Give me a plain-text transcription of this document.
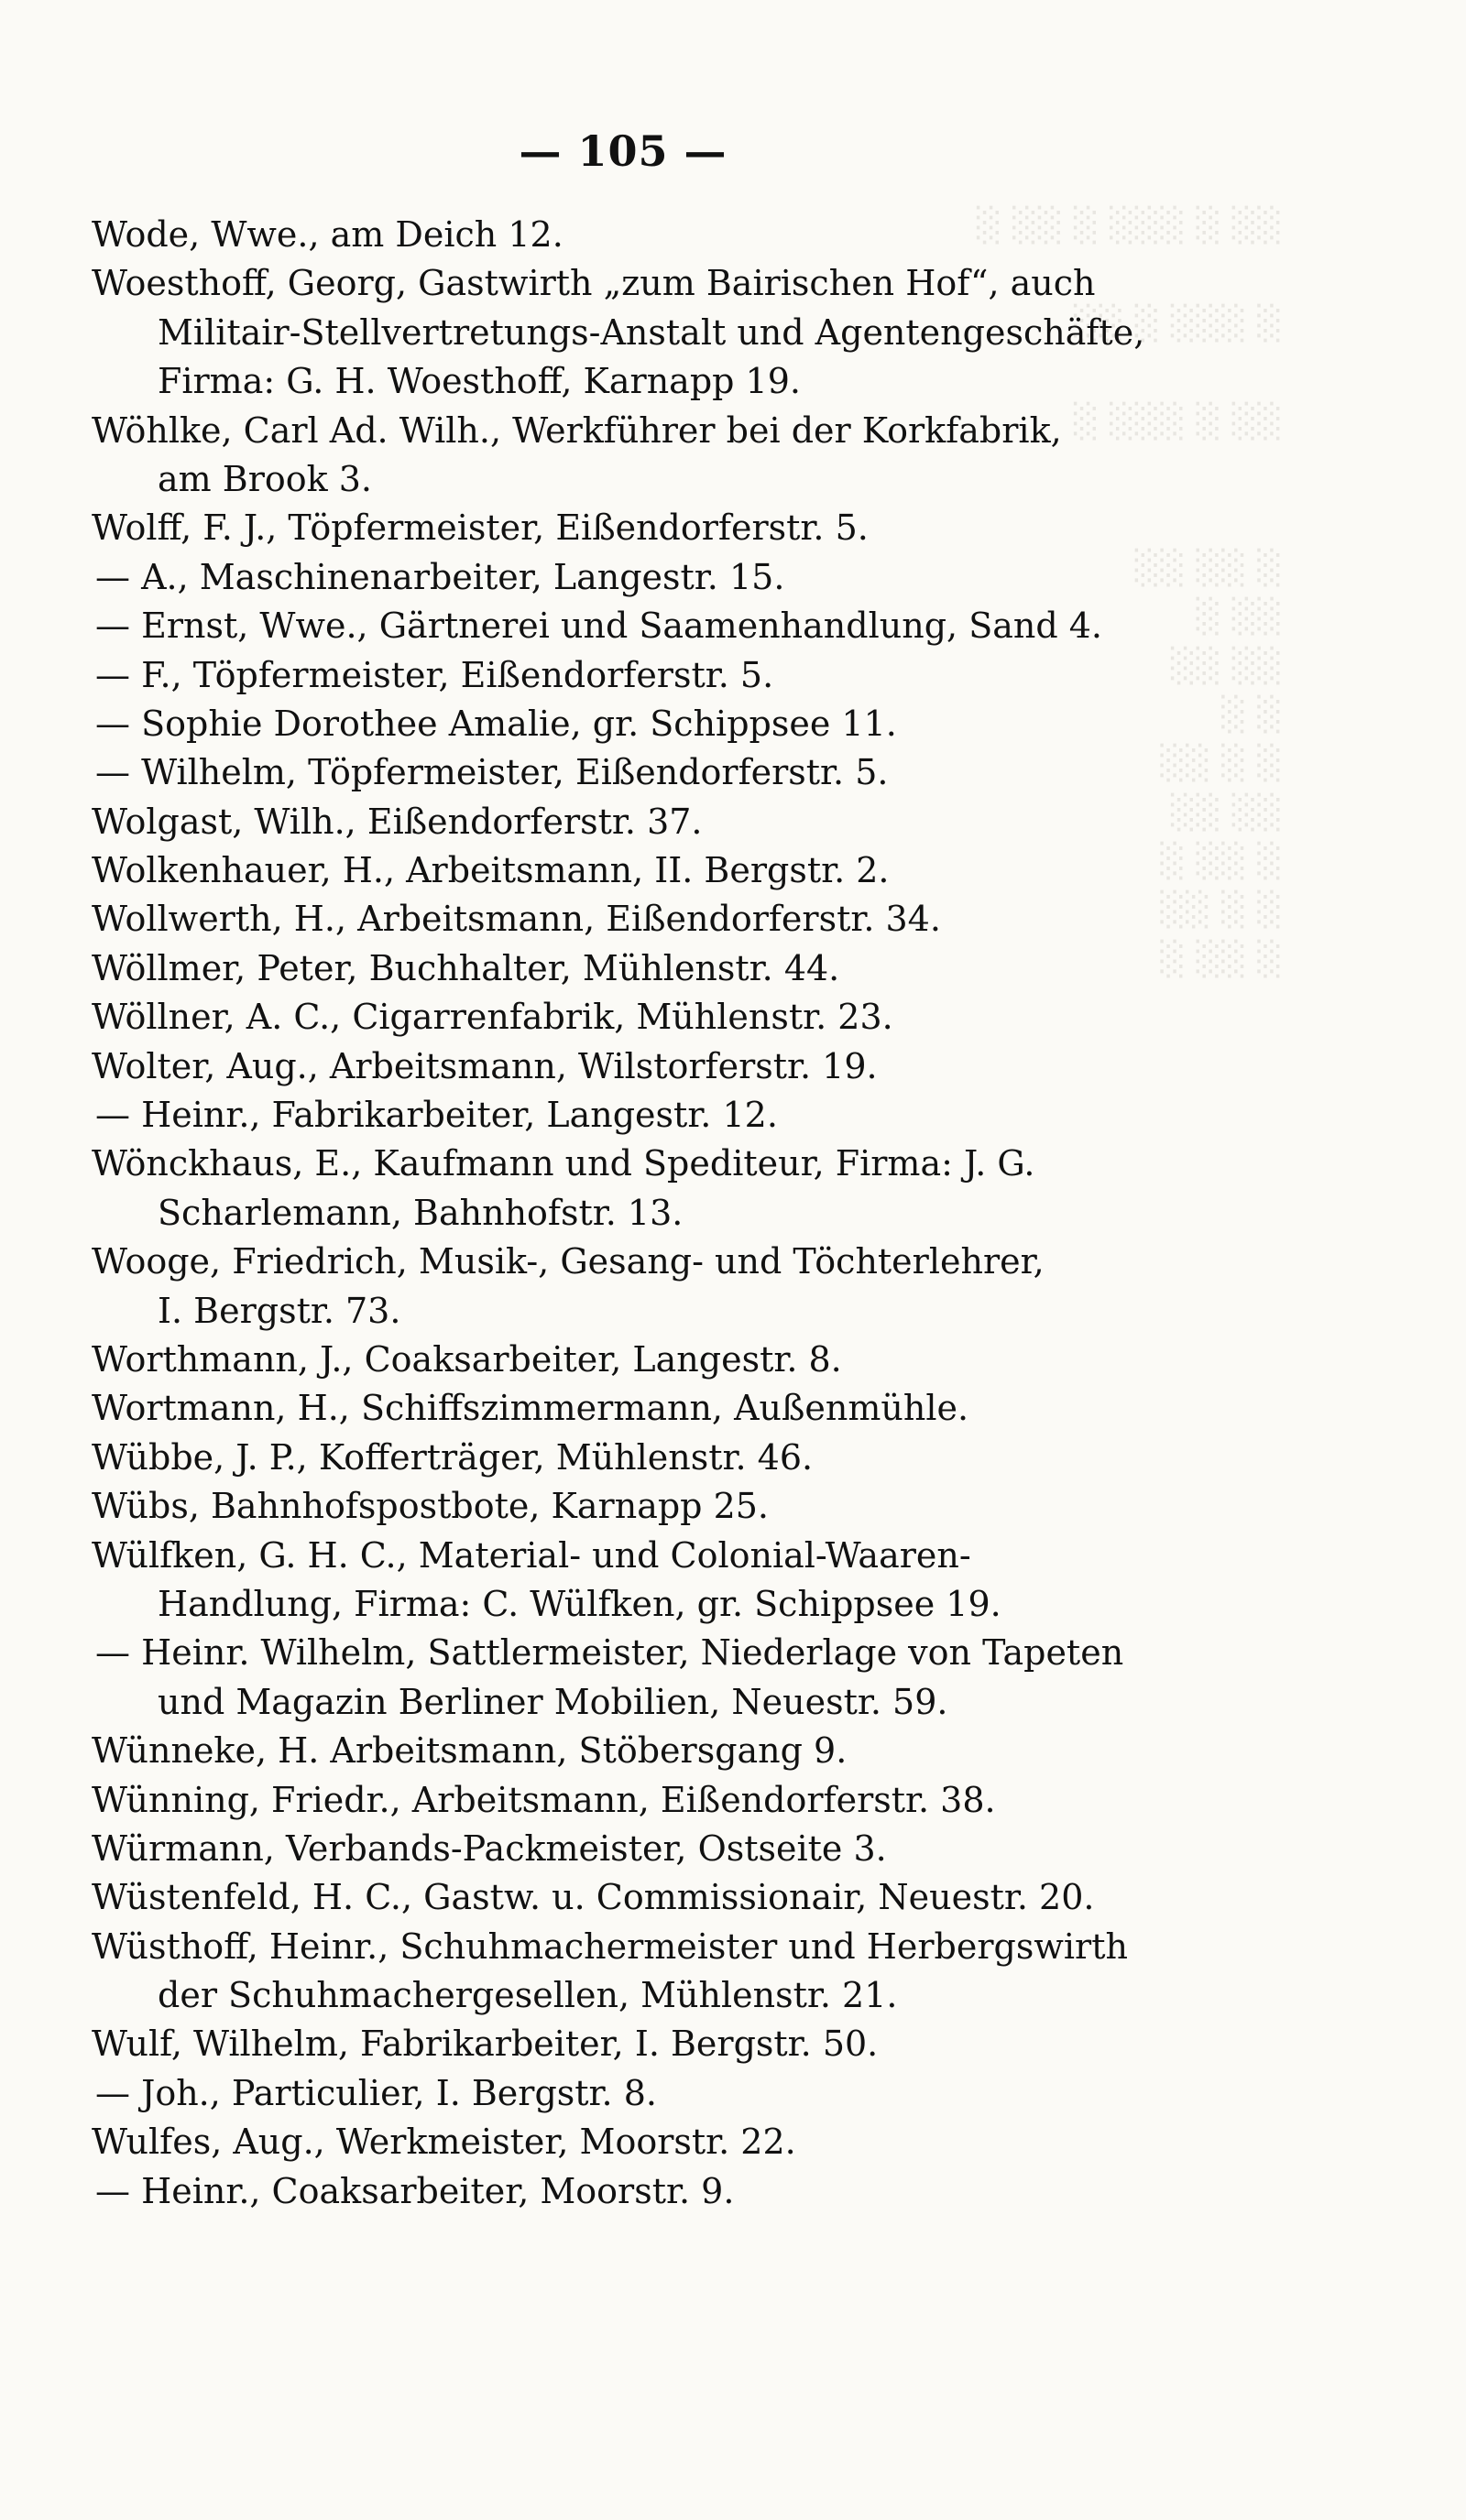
░ ░░ ░ ░░░ ░ ░░
░░ ░ ░░░ ░
░ ░░░ ░ ░░
░░ ░░ ░
░ ░░
░░ ░░
░ ░
░░ ░ ░
░░ ░░
░ ░░ ░
░░ ░ ░
░ ░░ ░
— 105 —
Wode, Wwe., am Deich 12.
Woesthoff, Georg, Gastwirth „zum Bairischen Hof“, auch
Militair-Stellvertretungs-Anstalt und Agentengeschäfte,
Firma: G. H. Woesthoff, Karnapp 19.
Wöhlke, Carl Ad. Wilh., Werkführer bei der Korkfabrik,
am Brook 3.
Wolff, F. J., Töpfermeister, Eißendorferstr. 5.
— A., Maschinenarbeiter, Langestr. 15.
— Ernst, Wwe., Gärtnerei und Saamenhandlung, Sand 4.
— F., Töpfermeister, Eißendorferstr. 5.
— Sophie Dorothee Amalie, gr. Schippsee 11.
— Wilhelm, Töpfermeister, Eißendorferstr. 5.
Wolgast, Wilh., Eißendorferstr. 37.
Wolkenhauer, H., Arbeitsmann, II. Bergstr. 2.
Wollwerth, H., Arbeitsmann, Eißendorferstr. 34.
Wöllmer, Peter, Buchhalter, Mühlenstr. 44.
Wöllner, A. C., Cigarrenfabrik, Mühlenstr. 23.
Wolter, Aug., Arbeitsmann, Wilstorferstr. 19.
— Heinr., Fabrikarbeiter, Langestr. 12.
Wönckhaus, E., Kaufmann und Spediteur, Firma: J. G.
Scharlemann, Bahnhofstr. 13.
Wooge, Friedrich, Musik-, Gesang- und Töchterlehrer,
I. Bergstr. 73.
Worthmann, J., Coaksarbeiter, Langestr. 8.
Wortmann, H., Schiffszimmermann, Außenmühle.
Wübbe, J. P., Kofferträger, Mühlenstr. 46.
Wübs, Bahnhofspostbote, Karnapp 25.
Wülfken, G. H. C., Material- und Colonial-Waaren-
Handlung, Firma: C. Wülfken, gr. Schippsee 19.
— Heinr. Wilhelm, Sattlermeister, Niederlage von Tapeten
und Magazin Berliner Mobilien, Neuestr. 59.
Wünneke, H. Arbeitsmann, Stöbersgang 9.
Wünning, Friedr., Arbeitsmann, Eißendorferstr. 38.
Würmann, Verbands-Packmeister, Ostseite 3.
Wüstenfeld, H. C., Gastw. u. Commissionair, Neuestr. 20.
Wüsthoff, Heinr., Schuhmachermeister und Herbergswirth
der Schuhmachergesellen, Mühlenstr. 21.
Wulf, Wilhelm, Fabrikarbeiter, I. Bergstr. 50.
— Joh., Particulier, I. Bergstr. 8.
Wulfes, Aug., Werkmeister, Moorstr. 22.
— Heinr., Coaksarbeiter, Moorstr. 9.
